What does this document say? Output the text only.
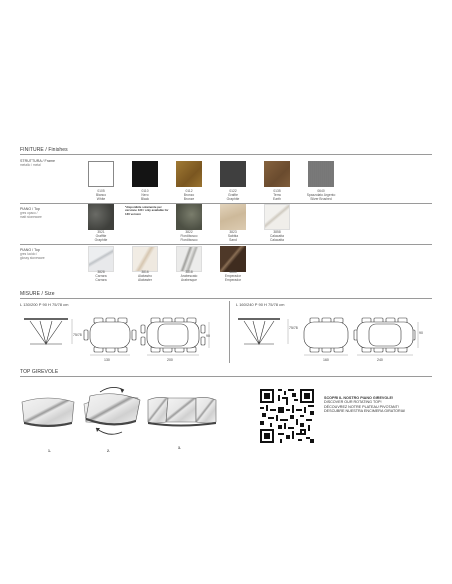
FINITURE / Finishes
STRUTTURA / Frame
metallo / metal
0105
Bianco
White
0110
Nero
Black
0112
Bronzo
Bronze
0122
Grafite
Graphite
0135
Terra
Earth
0640
Spazzolato Argento
Silver Brushed
PIANO / Top
gres opaco /
matt stoneware
3521
Graffite
Graphite
*disponibile solamente per versione 130 / only available for 130 version
3822
Fiordibosco
Fiordibosco
3823
Sabbia
Sand
3858
Calacatta
Calacatta
PIANO / Top
gres lucido /
glossy stoneware
3828
Carrara
Carrara
3816
Alabastro
Alabaster
3818
Arabescato
Arabesque
3860
Emperador
Emperador
MISURE / Size
L 130/200 P 90 H 75/78 cm	L 160/240 P 90 H 75/78 cm
75/78
130	200
90
75/78
160	240
90
TOP GIREVOLE
1.	2.
3.
SCOPRI IL NOSTRO PIANO GIREVOLE!
DISCOVER OUR ROTATING TOP!
DÉCOUVREZ NOTRE PLATEAU PIVOTANT!
DESCUBRE NUESTRA ENCIMERA GIRATORIA!
